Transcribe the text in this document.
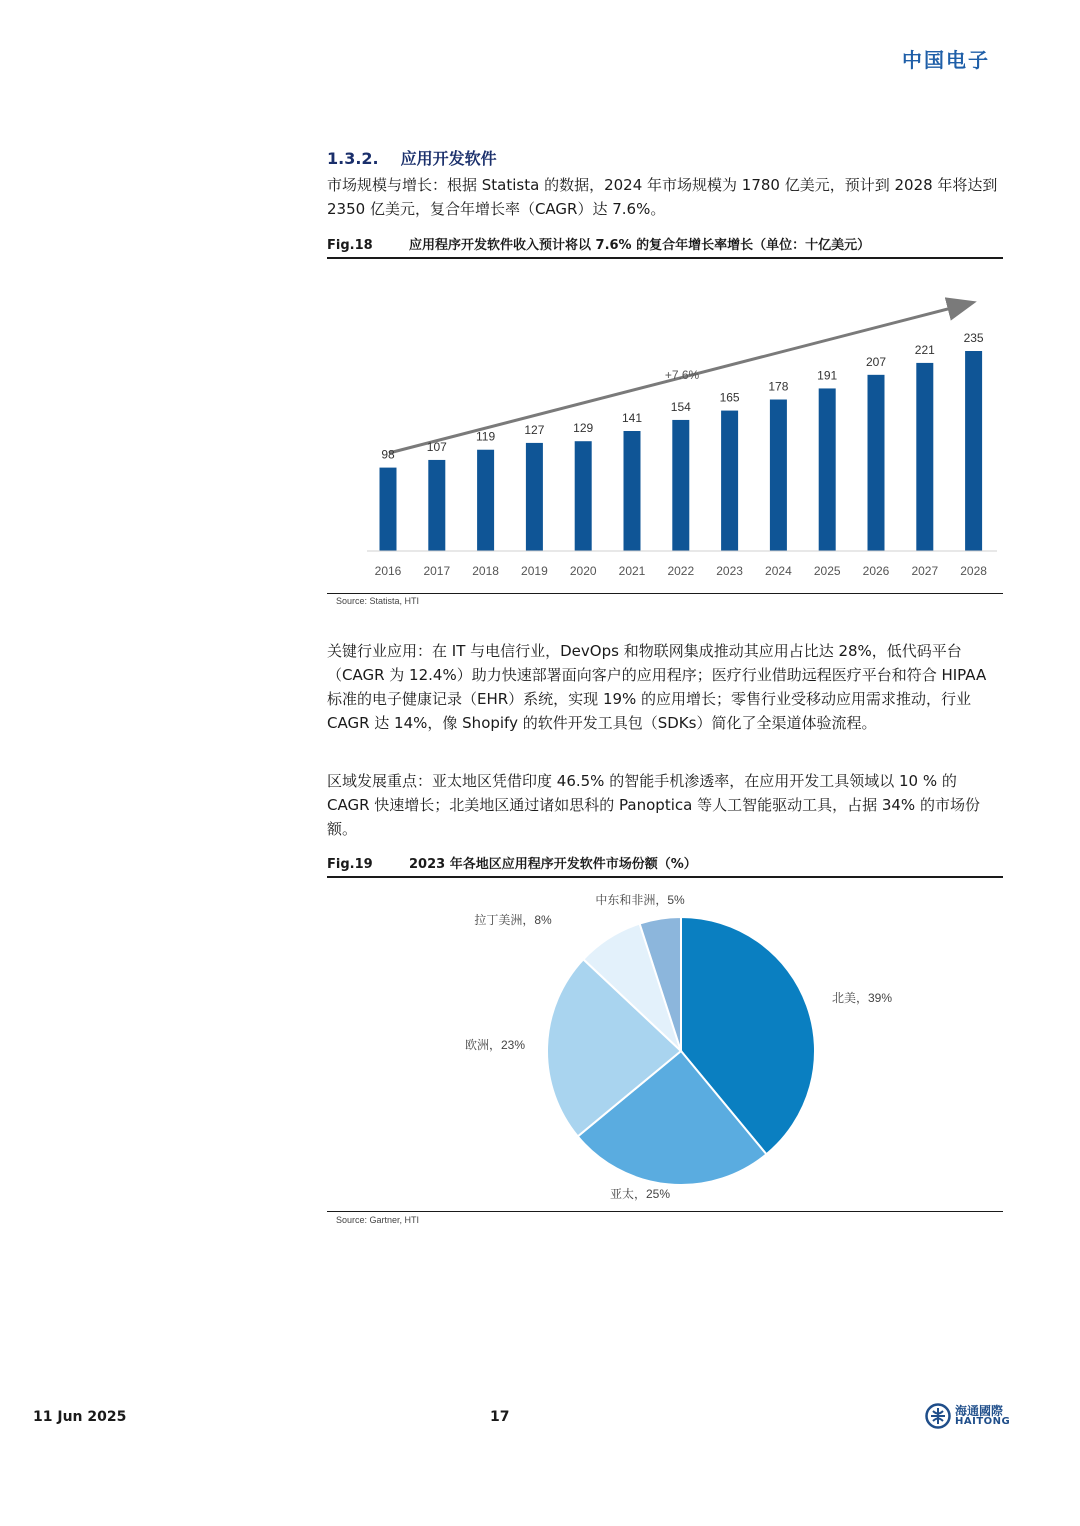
中国电子
1.3.2. 应用开发软件
市场规模与增长：根据 Statista 的数据，2024 年市场规模为 1780 亿美元，预计到 2028 年将达到 2350 亿美元，复合年增长率（CAGR）达 7.6%。
Fig.18	应用程序开发软件收入预计将以 7.6% 的复合年增长率增长（单位：十亿美元）
+7.6%
98
2016
107
2017
119
2018
127
2019
129
2020
141
2021
154
2022
165
2023
178
2024
191
2025
207
2026
221
2027
235
2028
Source: Statista, HTI
关键行业应用：在 IT 与电信行业，DevOps 和物联网集成推动其应用占比达 28%，低代码平台（CAGR 为 12.4%）助力快速部署面向客户的应用程序；医疗行业借助远程医疗平台和符合 HIPAA 标准的电子健康记录（EHR）系统，实现 19% 的应用增长；零售行业受移动应用需求推动，行业 CAGR 达 14%，像 Shopify 的软件开发工具包（SDKs）简化了全渠道体验流程。
区域发展重点：亚太地区凭借印度 46.5% 的智能手机渗透率，在应用开发工具领域以 10 % 的 CAGR 快速增长；北美地区通过诸如思科的 Panoptica 等人工智能驱动工具，占据 34% 的市场份额。
Fig.19	2023 年各地区应用程序开发软件市场份额（%）
北美，39%
亚太，25%
欧洲，23%
拉丁美洲，8%
中东和非洲，5%
Source: Gartner, HTI
11 Jun 2025	17	海通國際
HAITONG
